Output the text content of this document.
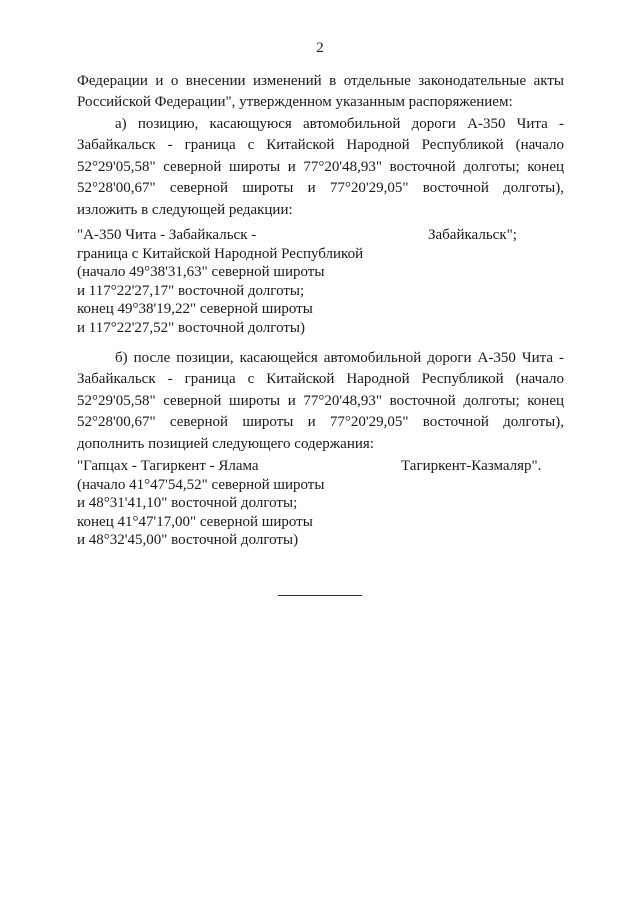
2
Федерации и о внесении изменений в отдельные законодательные акты
Российской Федерации", утвержденном указанным распоряжением:
а) позицию, касающуюся автомобильной дороги А-350 Чита -
Забайкальск - граница с Китайской Народной Республикой (начало
52°29'05,58" северной широты и 77°20'48,93" восточной долготы; конец
52°28'00,67" северной широты и 77°20'29,05" восточной долготы),
изложить в следующей редакции:
"А-350 Чита - Забайкальск -
граница с Китайской Народной Республикой
(начало 49°38'31,63" северной широты
и 117°22'27,17" восточной долготы;
конец 49°38'19,22" северной широты
и 117°22'27,52" восточной долготы)
Забайкальск";
б) после позиции, касающейся автомобильной дороги А-350 Чита -
Забайкальск - граница с Китайской Народной Республикой (начало
52°29'05,58" северной широты и 77°20'48,93" восточной долготы; конец
52°28'00,67" северной широты и 77°20'29,05" восточной долготы),
дополнить позицией следующего содержания:
"Гапцах - Тагиркент - Ялама
(начало 41°47'54,52" северной широты
и 48°31'41,10" восточной долготы;
конец 41°47'17,00" северной широты
и 48°32'45,00" восточной долготы)
Тагиркент-Казмаляр".
